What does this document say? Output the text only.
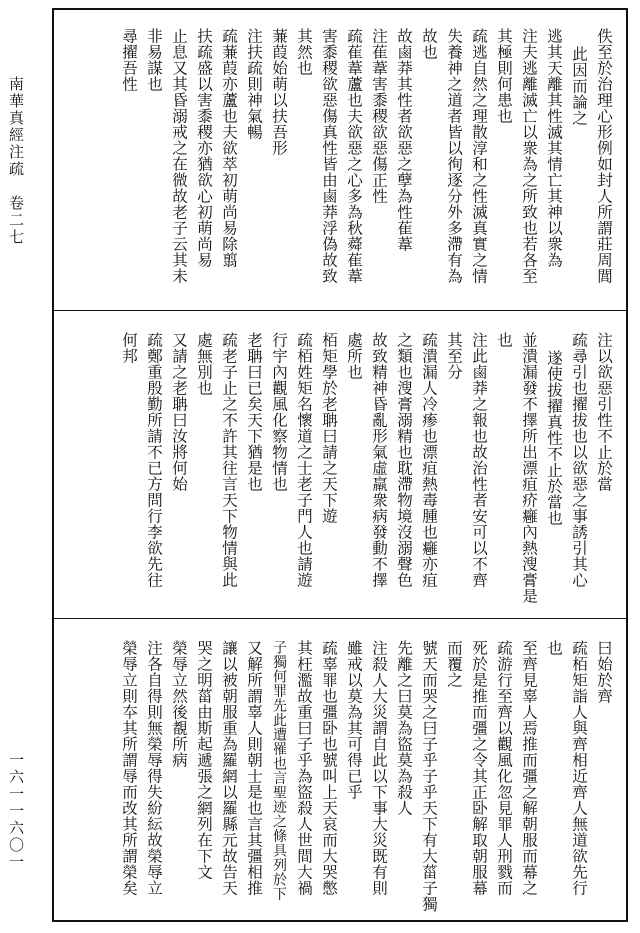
南華真經注疏　卷二七
一六一一六〇一
佚至於治理心形例如封人所謂莊周閭
此因而論之
逃其天離其性滅其情亡其神以衆為
注夫逃離滅亡以衆為之所致也若各至
其極則何患也
疏逃自然之理散淳和之性滅真實之情
失養神之道者皆以徇逐分外多滯有為
故也
故鹵莽其性者欲惡之孽為性萑葦
注萑葦害黍稷欲惡傷正性
疏萑葦蘆也夫欲惡之心多為秋蕣萑葦
害黍稷欲惡傷真性皆由鹵莽浮偽故致
其然也
蒹葭始萌以扶吾形
注扶疏則神氣暢
疏蒹葭亦蘆也夫欲萃初萌尚易除翦
扶疏盛以害黍稷亦猶欲心初萌尚易
止息又其昏溺戒之在微故老子云其未
非易謀也
尋擢吾性
注以欲惡引性不止於當
疏尋引也擢拔也以欲惡之事誘引其心
遂使拔擢真性不止於當也
並潰漏發不擇所出漂疽疥癰內熱溲膏是
也
注此鹵莽之報也故治性者安可以不齊
其至分
疏潰漏人冷瘆也漂疽熱毒腫也癰亦疽
之類也溲膏溺精也耽滯物境沒溺聲色
故致精神昏亂形氣虛羸衆病發動不擇
處所也
栢矩學於老聃曰請之天下遊
疏栢姓矩名懷道之士老子門人也請遊
行宇內觀風化察物情也
老聃曰已矣天下猶是也
疏老子止之不許其往言天下物情與此
處無別也
又請之老聃曰汝將何始
疏鄭重殷勤所請不已方問行李欲先往
何邦
曰始於齊
疏栢矩詣人與齊相近齊人無道欲先行
也
至齊見辜人焉推而彊之解朝服而幕之
疏游行至齊以觀風化忽見罪人刑戮而
死於是推而彊之令其正卧解取朝服幕
而覆之
號天而哭之曰子乎子乎天下有大菑子獨
先離之曰莫為盜莫為殺人
注殺人大災謂自此以下事大災既有則
雖戒以莫為其可得已乎
疏辜罪也彊卧也號叫上天哀而大哭憋
其枉濫故重曰子乎為盜殺人世間大禍
子獨何罪先此遭罹也言聖迹之條具列於下
又解所謂辜人則朝士是也言其彊相推
讓以被朝服重為羅網以羅縣元故告天
哭之明菑由斯起遞張之網列在下文
榮辱立然後覩所病
注各自得則無榮辱得失紛紜故榮辱立
榮辱立則夲其所謂辱而改其所謂榮矣
